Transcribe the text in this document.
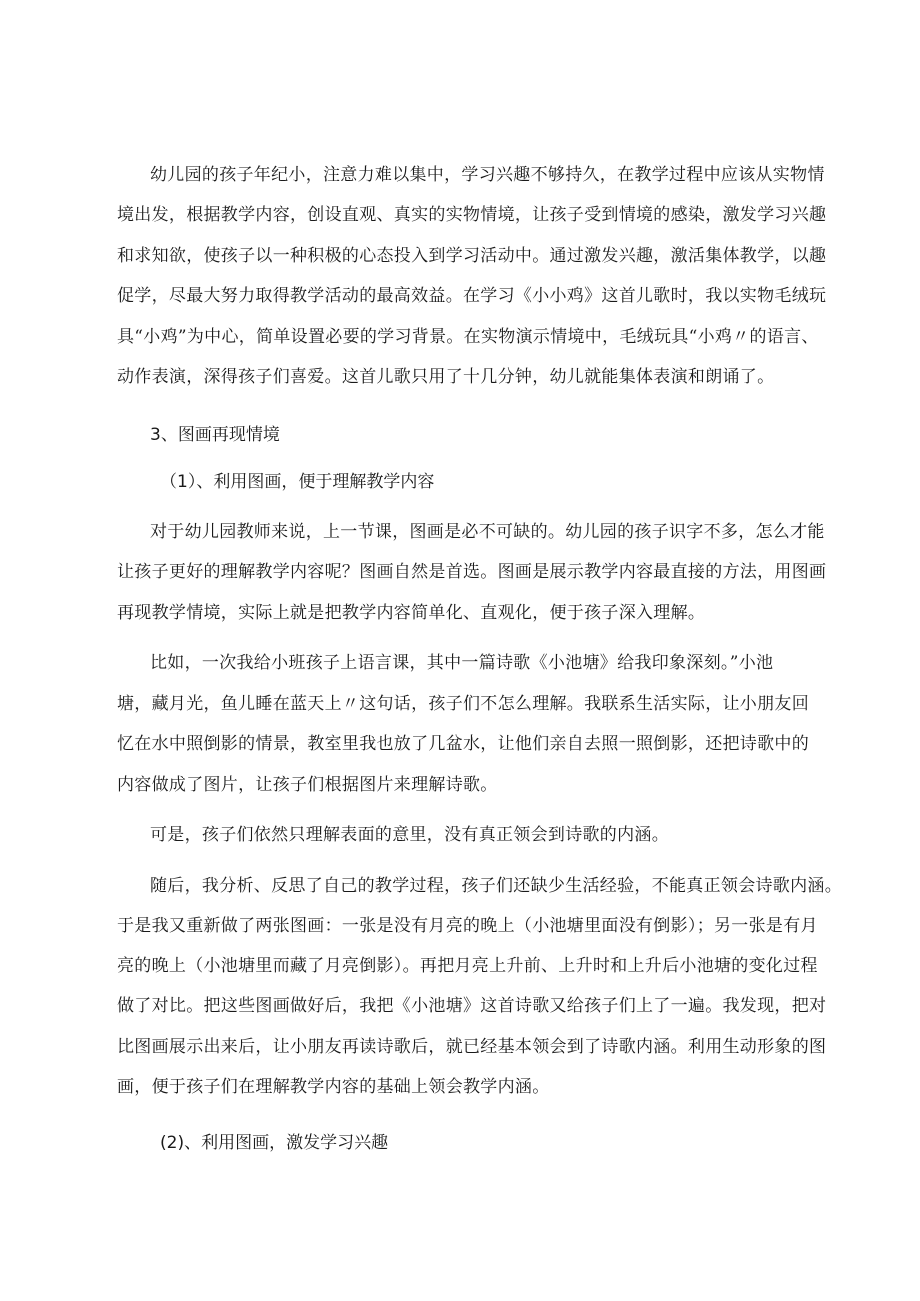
幼儿园的孩子年纪小，注意力难以集中，学习兴趣不够持久，在教学过程中应该从实物情
境出发，根据教学内容，创设直观、真实的实物情境，让孩子受到情境的感染，激发学习兴趣
和求知欲，使孩子以一种积极的心态投入到学习活动中。通过激发兴趣，激活集体教学，以趣
促学，尽最大努力取得教学活动的最高效益。在学习《小小鸡》这首儿歌时，我以实物毛绒玩
具“小鸡”为中心，简单设置必要的学习背景。在实物演示情境中，毛绒玩具“小鸡〃的语言、
动作表演，深得孩子们喜爱。这首儿歌只用了十几分钟，幼儿就能集体表演和朗诵了。
3、图画再现情境
（1）、利用图画，便于理解教学内容
对于幼儿园教师来说，上一节课，图画是必不可缺的。幼儿园的孩子识字不多，怎么才能
让孩子更好的理解教学内容呢？图画自然是首选。图画是展示教学内容最直接的方法，用图画
再现教学情境，实际上就是把教学内容简单化、直观化，便于孩子深入理解。
比如，一次我给小班孩子上语言课，其中一篇诗歌《小池塘》给我印象深刻。”小池
塘，藏月光，鱼儿睡在蓝天上〃这句话，孩子们不怎么理解。我联系生活实际，让小朋友回
忆在水中照倒影的情景，教室里我也放了几盆水，让他们亲自去照一照倒影，还把诗歌中的
内容做成了图片，让孩子们根据图片来理解诗歌。
可是，孩子们依然只理解表面的意里，没有真正领会到诗歌的内涵。
随后，我分析、反思了自己的教学过程，孩子们还缺少生活经验，不能真正领会诗歌内涵。
于是我又重新做了两张图画：一张是没有月亮的晚上（小池塘里面没有倒影）；另一张是有月
亮的晚上（小池塘里而藏了月亮倒影）。再把月亮上升前、上升时和上升后小池塘的变化过程
做了对比。把这些图画做好后，我把《小池塘》这首诗歌又给孩子们上了一遍。我发现，把对
比图画展示出来后，让小朋友再读诗歌后，就已经基本领会到了诗歌内涵。利用生动形象的图
画，便于孩子们在理解教学内容的基础上领会教学内涵。
(2)、利用图画，激发学习兴趣
